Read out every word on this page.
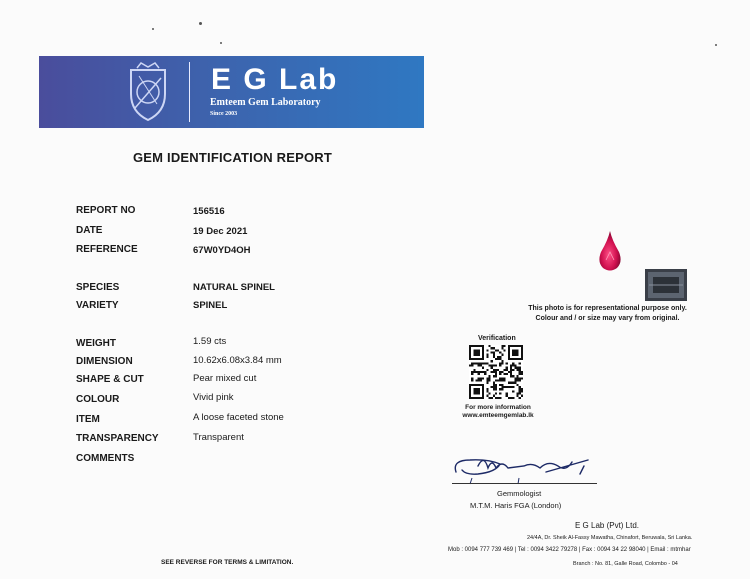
E G Lab
Emteem Gem Laboratory
Since 2003
GEM IDENTIFICATION REPORT
REPORT NO	156516
DATE	19 Dec 2021
REFERENCE	67W0YD4OH
SPECIES	NATURAL SPINEL
VARIETY	SPINEL
WEIGHT	1.59 cts
DIMENSION	10.62x6.08x3.84 mm
SHAPE & CUT	Pear mixed cut
COLOUR	Vivid pink
ITEM	A loose faceted stone
TRANSPARENCY	Transparent
COMMENTS
SEE REVERSE FOR TERMS & LIMITATION.
This photo is for representational purpose only.
Colour and / or size may vary from original.
Verification
For more information
www.emteemgemlab.lk
Gemmologist
M.T.M. Haris FGA (London)
E G Lab (Pvt) Ltd.
24/4A, Dr. Sheik Al-Fassy Mawatha, Chinafort, Beruwala, Sri Lanka.
Mob : 0094 777 739 469 | Tel : 0094 3422 79278 | Fax : 0094 34 22 98040 | Email : mtmhar
Branch : No. 81, Galle Road, Colombo - 04
